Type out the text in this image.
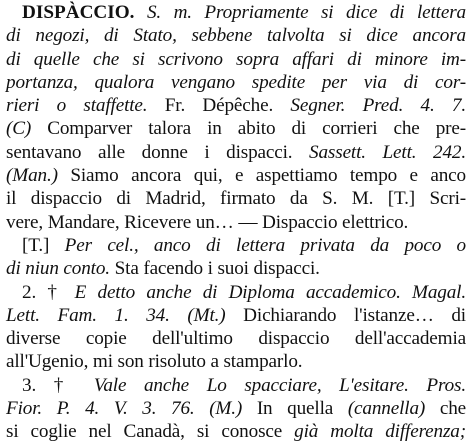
DISPÀCCIO. S. m. Propriamente si dice di lettera
di negozi, di Stato, sebbene talvolta si dice ancora
di quelle che si scrivono sopra affari di minore im-
portanza, qualora vengano spedite per via di cor-
rieri o staffette. Fr. Dépêche. Segner. Pred. 4. 7.
(C) Comparver talora in abito di corrieri che pre-
sentavano alle donne i dispacci. Sassett. Lett. 242.
(Man.) Siamo ancora qui, e aspettiamo tempo e anco
il dispaccio di Madrid, firmato da S. M. [T.] Scri-
vere, Mandare, Ricevere un… — Dispaccio elettrico.
[T.] Per cel., anco di lettera privata da poco o
di niun conto. Sta facendo i suoi dispacci.
2. † E detto anche di Diploma accademico. Magal.
Lett. Fam. 1. 34. (Mt.) Dichiarando l'istanze… di
diverse copie dell'ultimo dispaccio dell'accademia
all'Ugenio, mi son risoluto a stamparlo.
3. † Vale anche Lo spacciare, L'esitare. Pros.
Fior. P. 4. V. 3. 76. (M.) In quella (cannella) che
si coglie nel Canadà, si conosce già molta differenza;
